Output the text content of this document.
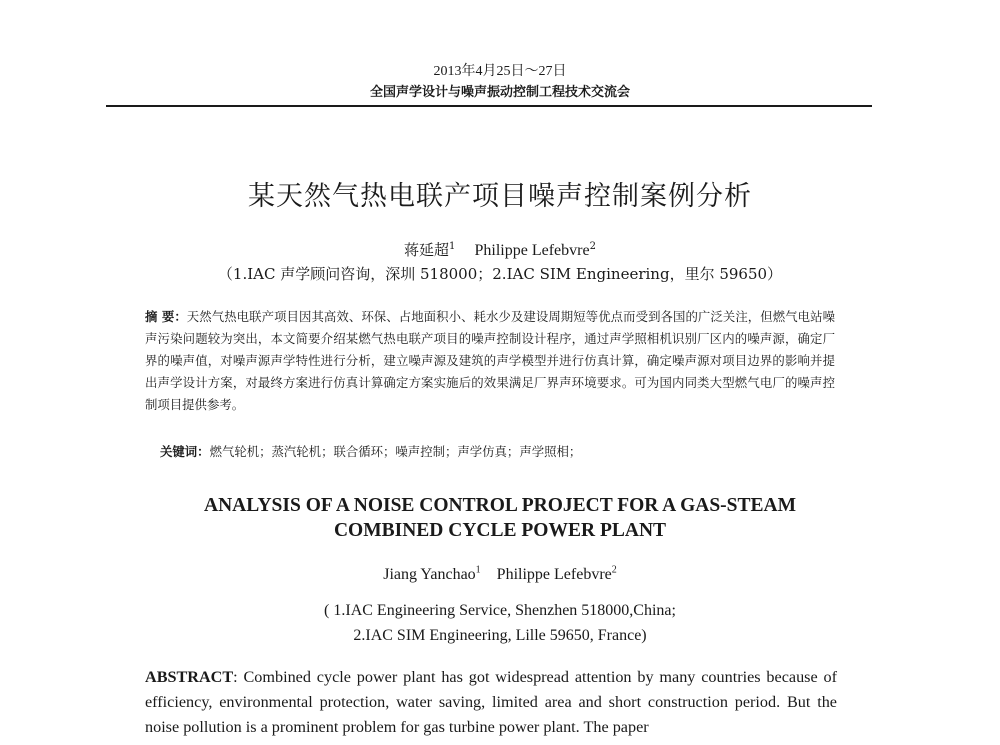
2013年4月25日～27日
全国声学设计与噪声振动控制工程技术交流会
某天然气热电联产项目噪声控制案例分析
蒋延超$^1$ Philippe Lefebvre$^2$
（1.IAC 声学顾问咨询，深圳 518000；2.IAC SIM Engineering，里尔 59650）
摘 要：天然气热电联产项目因其高效、环保、占地面积小、耗水少及建设周期短等优点而受到各国的广泛关注，但燃气电站噪声污染问题较为突出，本文简要介绍某燃气热电联产项目的噪声控制设计程序，通过声学照相机识别厂区内的噪声源，确定厂界的噪声值，对噪声源声学特性进行分析，建立噪声源及建筑的声学模型并进行仿真计算，确定噪声源对项目边界的影响并提出声学设计方案，对最终方案进行仿真计算确定方案实施后的效果满足厂界声环境要求。可为国内同类大型燃气电厂的噪声控制项目提供参考。
关键词：燃气轮机；蒸汽轮机；联合循环；噪声控制；声学仿真；声学照相；
ANALYSIS OF A NOISE CONTROL PROJECT FOR A GAS-STEAM
COMBINED CYCLE POWER PLANT
Jiang Yanchao$^1$ Philippe Lefebvre$^2$
( 1.IAC Engineering Service, Shenzhen 518000,China;
2.IAC SIM Engineering, Lille 59650, France)
ABSTRACT: Combined cycle power plant has got widespread attention by many countries because of efficiency, environmental protection, water saving, limited area and short construction period. But the noise pollution is a prominent problem for gas turbine power plant. The paper
